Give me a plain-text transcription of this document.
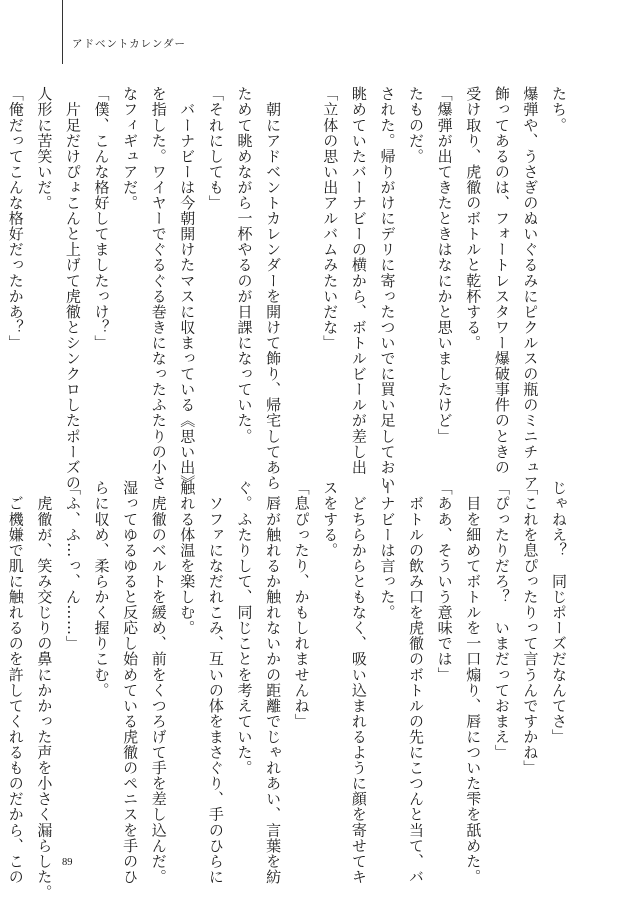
アドベントカレンダー

たち。

爆弾や、うさぎのぬいぐるみにピクルスの瓶のミニチュア

飾ってあるのは、フォートレスタワー爆破事件のときの

受け取り、虎徹のボトルと乾杯する。

「爆弾が出てきたときはなにかと思いましたけど」

たものだ。

された。帰りがけにデリに寄ったついでに買い足しておい

眺めていたバーナビーの横から、ボトルビールが差し出

「立体の思い出アルバムみたいだな」

　朝にアドベントカレンダーを開けて飾り、帰宅してあら

ためて眺めながら一杯やるのが日課になっていた。

「それにしても」

　バーナビーは今朝開けたマスに収まっている《思い出》

を指した。ワイヤーでぐるぐる巻きになったふたりの小さ

なフィギュアだ。

「僕、こんな格好してましたっけ？」

　片足だけぴょこんと上げて虎徹とシンクロしたポーズの

人形に苦笑いだ。

「俺だってこんな格好だったかあ？」

じゃねえ？　同じポーズだなんてさ」

「これを息ぴったりって言うんですかね」

「ぴったりだろ？　いまだっておまえ」

　目を細めてボトルを一口煽り、唇についた雫を舐めた。

「ああ、そういう意味では」

　ボトルの飲み口を虎徹のボトルの先にこつんと当て、バ

ーナビーは言った。

　どちらからともなく、吸い込まれるように顔を寄せてキ

スをする。

「息ぴったり、かもしれませんね」

　唇が触れるか触れないかの距離でじゃれあい、言葉を紡

ぐ。ふたりして、同じことを考えていた。

　ソファになだれこみ、互いの体をまさぐり、手のひらに

触れる体温を楽しむ。

　虎徹のベルトを緩め、前をくつろげて手を差し込んだ。

湿ってゆるゆると反応し始めている虎徹のペニスを手のひ

らに収め、柔らかく握りこむ。

「ふ、ふ…っ、ん……」

　虎徹が、笑み交じりの鼻にかかった声を小さく漏らした。

　ご機嫌で肌に触れるのを許してくれるものだから、この	89
